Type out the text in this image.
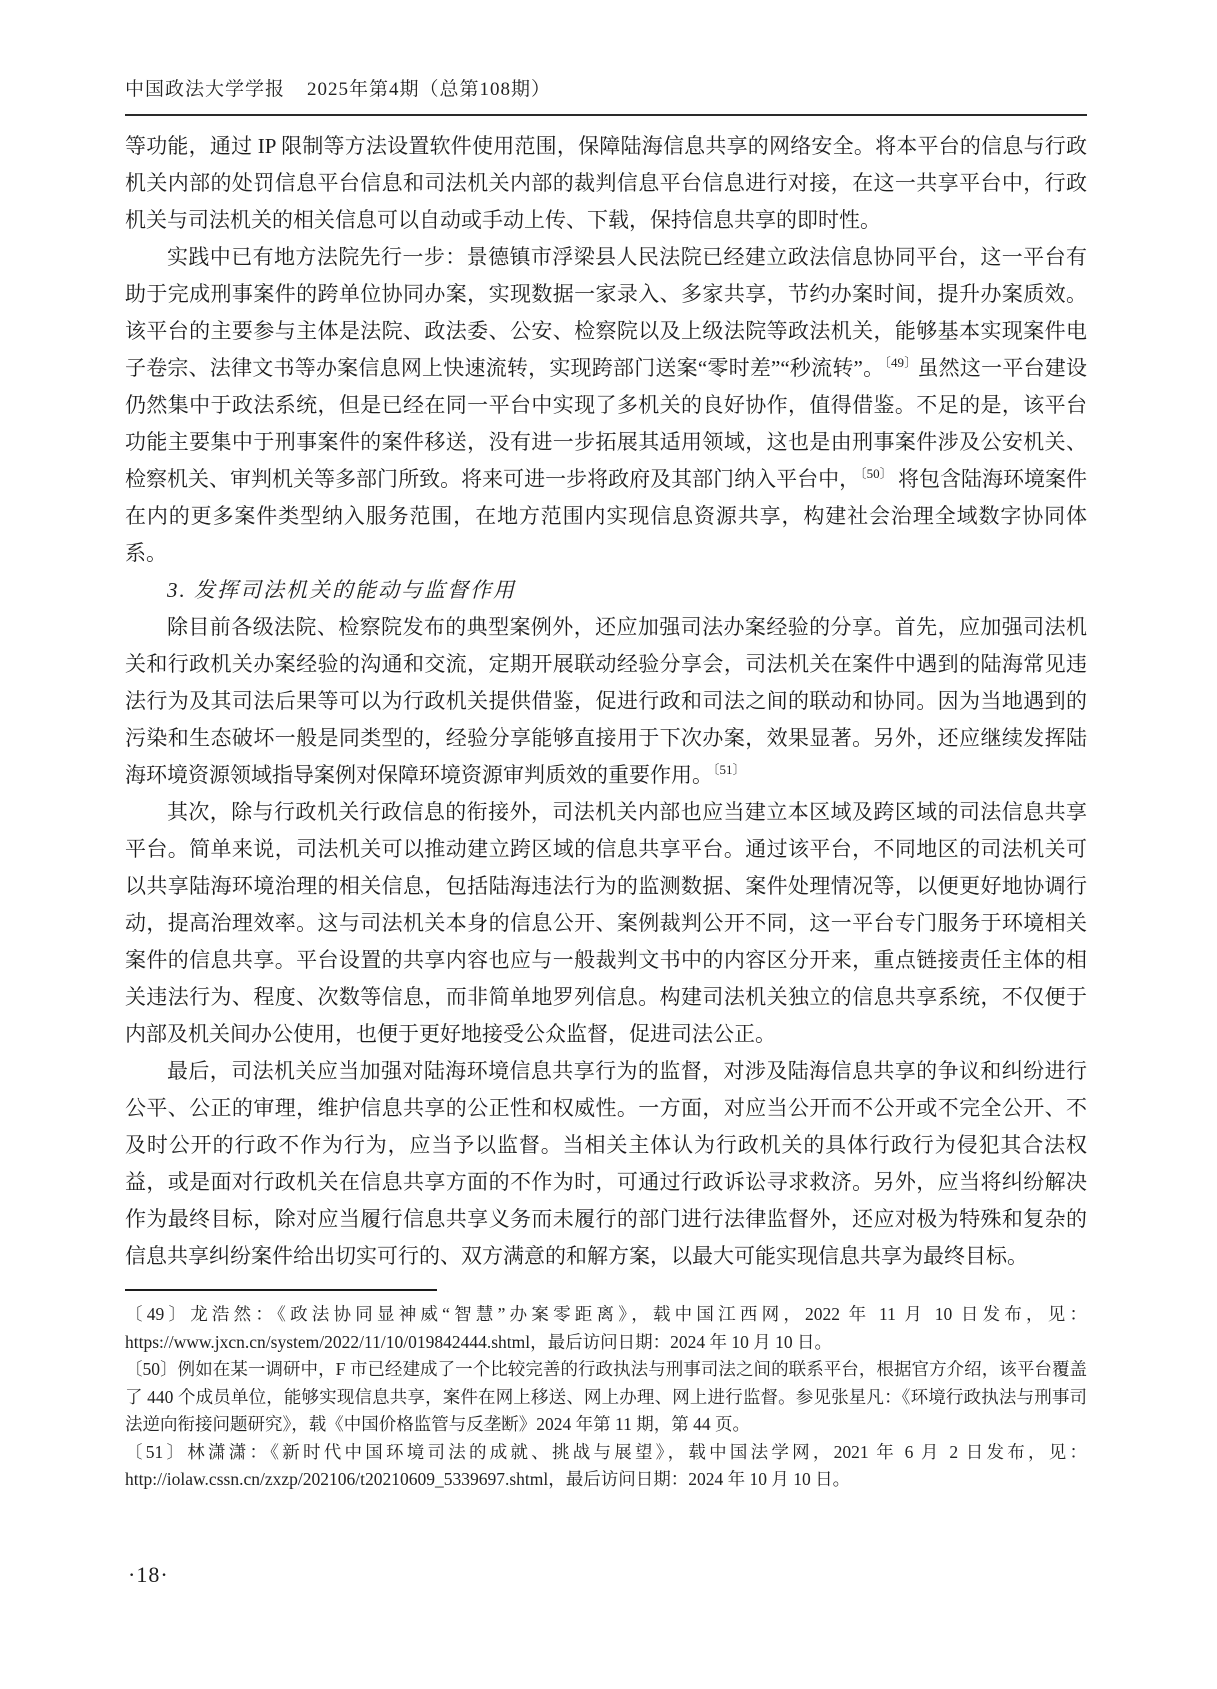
中国政法大学学报 2025年第4期（总第108期）

等功能，通过 IP 限制等方法设置软件使用范围，保障陆海信息共享的网络安全。将本平台的信息与行政机关内部的处罚信息平台信息和司法机关内部的裁判信息平台信息进行对接，在这一共享平台中，行政机关与司法机关的相关信息可以自动或手动上传、下载，保持信息共享的即时性。

实践中已有地方法院先行一步：景德镇市浮梁县人民法院已经建立政法信息协同平台，这一平台有助于完成刑事案件的跨单位协同办案，实现数据一家录入、多家共享，节约办案时间，提升办案质效。该平台的主要参与主体是法院、政法委、公安、检察院以及上级法院等政法机关，能够基本实现案件电子卷宗、法律文书等办案信息网上快速流转，实现跨部门送案“零时差”“秒流转”。$^{〔49〕}$虽然这一平台建设仍然集中于政法系统，但是已经在同一平台中实现了多机关的良好协作，值得借鉴。不足的是，该平台功能主要集中于刑事案件的案件移送，没有进一步拓展其适用领域，这也是由刑事案件涉及公安机关、检察机关、审判机关等多部门所致。将来可进一步将政府及其部门纳入平台中，$^{〔50〕}$ 将包含陆海环境案件在内的更多案件类型纳入服务范围，在地方范围内实现信息资源共享，构建社会治理全域数字协同体系。

3. 发挥司法机关的能动与监督作用

除目前各级法院、检察院发布的典型案例外，还应加强司法办案经验的分享。首先，应加强司法机关和行政机关办案经验的沟通和交流，定期开展联动经验分享会，司法机关在案件中遇到的陆海常见违法行为及其司法后果等可以为行政机关提供借鉴，促进行政和司法之间的联动和协同。因为当地遇到的污染和生态破坏一般是同类型的，经验分享能够直接用于下次办案，效果显著。另外，还应继续发挥陆海环境资源领域指导案例对保障环境资源审判质效的重要作用。$^{〔51〕}$

其次，除与行政机关行政信息的衔接外，司法机关内部也应当建立本区域及跨区域的司法信息共享平台。简单来说，司法机关可以推动建立跨区域的信息共享平台。通过该平台，不同地区的司法机关可以共享陆海环境治理的相关信息，包括陆海违法行为的监测数据、案件处理情况等，以便更好地协调行动，提高治理效率。这与司法机关本身的信息公开、案例裁判公开不同，这一平台专门服务于环境相关案件的信息共享。平台设置的共享内容也应与一般裁判文书中的内容区分开来，重点链接责任主体的相关违法行为、程度、次数等信息，而非简单地罗列信息。构建司法机关独立的信息共享系统，不仅便于内部及机关间办公使用，也便于更好地接受公众监督，促进司法公正。

最后，司法机关应当加强对陆海环境信息共享行为的监督，对涉及陆海信息共享的争议和纠纷进行公平、公正的审理，维护信息共享的公正性和权威性。一方面，对应当公开而不公开或不完全公开、不及时公开的行政不作为行为，应当予以监督。当相关主体认为行政机关的具体行政行为侵犯其合法权益，或是面对行政机关在信息共享方面的不作为时，可通过行政诉讼寻求救济。另外，应当将纠纷解决作为最终目标，除对应当履行信息共享义务而未履行的部门进行法律监督外，还应对极为特殊和复杂的信息共享纠纷案件给出切实可行的、双方满意的和解方案，以最大可能实现信息共享为最终目标。

〔49〕龙浩然：《政法协同显神威“智慧”办案零距离》，载中国江西网，2022 年 11 月 10 日发布，见：https://www.jxcn.cn/system/2022/11/10/019842444.shtml，最后访问日期：2024 年 10 月 10 日。

〔50〕例如在某一调研中，F 市已经建成了一个比较完善的行政执法与刑事司法之间的联系平台，根据官方介绍，该平台覆盖了 440 个成员单位，能够实现信息共享，案件在网上移送、网上办理、网上进行监督。参见张星凡：《环境行政执法与刑事司法逆向衔接问题研究》，载《中国价格监管与反垄断》2024 年第 11 期，第 44 页。

〔51〕林潇潇：《新时代中国环境司法的成就、挑战与展望》，载中国法学网，2021 年 6 月 2 日发布，见：http://iolaw.cssn.cn/zxzp/202106/t20210609_5339697.shtml，最后访问日期：2024 年 10 月 10 日。

·18·
